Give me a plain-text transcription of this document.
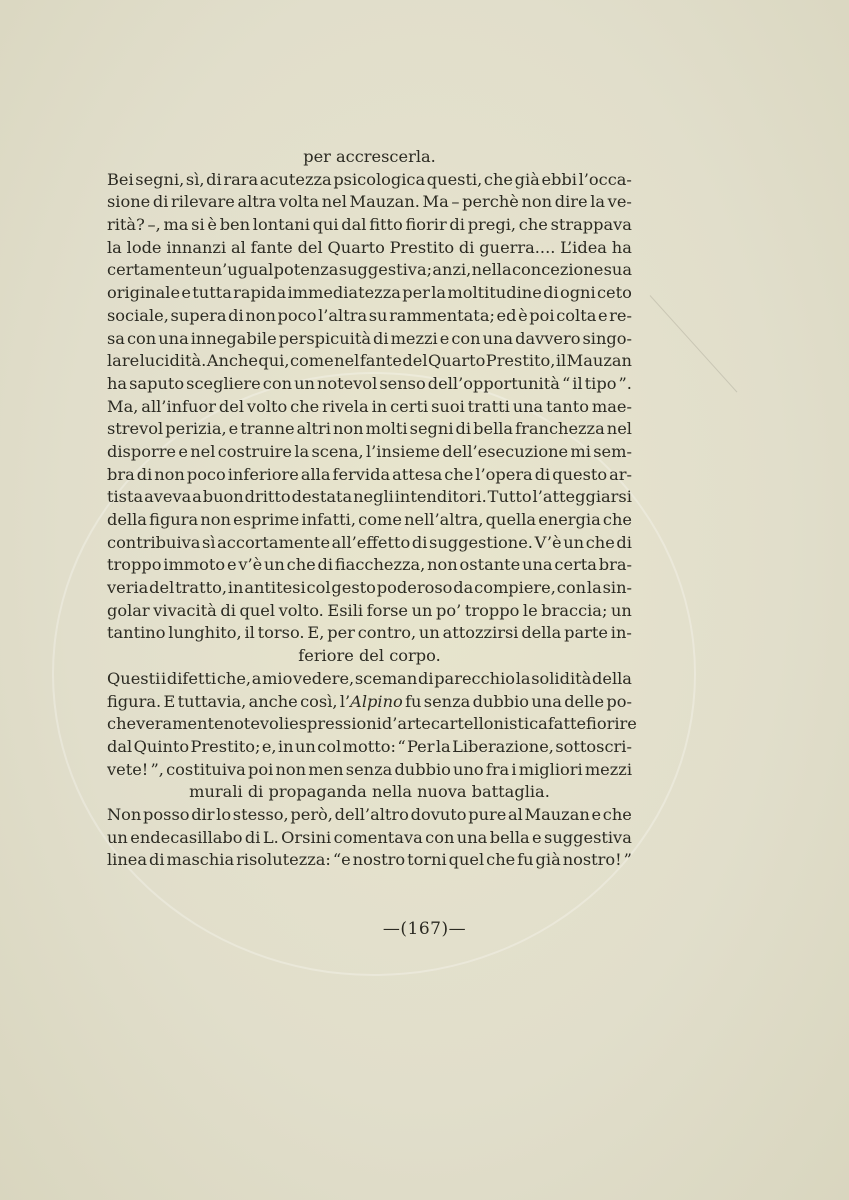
per accrescerla.
Bei segni, sì, di rara acutezza psicologica questi, che già ebbi l’occa-
sione di rilevare altra volta nel Mauzan. Ma – perchè non dire la ve-
rità? –, ma si è ben lontani qui dal fitto fiorir di pregi, che strappava
la lode innanzi al fante del Quarto Prestito di guerra.... L’idea ha
certamente un’ugual potenza suggestiva; anzi, nella concezione sua
originale e tutta rapida immediatezza per la moltitudine di ogni ceto
sociale, supera di non poco l’altra su rammentata; ed è poi colta e re-
sa con una innegabile perspicuità di mezzi e con una davvero singo-
lare lucidità. Anche qui, come nel fante del Quarto Prestito, il Mauzan
ha saputo scegliere con un notevol senso dell’opportunità “ il tipo ”.
Ma, all’infuor del volto che rivela in certi suoi tratti una tanto mae-
strevol perizia, e tranne altri non molti segni di bella franchezza nel
disporre e nel costruire la scena, l’insieme dell’esecuzione mi sem-
bra di non poco inferiore alla fervida attesa che l’opera di questo ar-
tista aveva a buon dritto destata negli intenditori. Tutto l’atteggiarsi
della figura non esprime infatti, come nell’altra, quella energia che
contribuiva sì accortamente all’effetto di suggestione. V’è un che di
troppo immoto e v’è un che di fiacchezza, non ostante una certa bra-
veria del tratto, in antitesi col gesto poderoso da compiere, con la sin-
golar vivacità di quel volto. Esili forse un po’ troppo le braccia; un
tantino lunghito, il torso. E, per contro, un attozzirsi della parte in-
feriore del corpo.
Questi i difetti che, a mio vedere, sceman di parecchio la solidità della
figura. E tuttavia, anche così, l’Alpino fu senza dubbio una delle po-
che veramente notevoli espressioni d’arte cartellonistica fatte fiorire
dal Quinto Prestito; e, in un col motto: “ Per la Liberazione, sottoscri-
vete! ”, costituiva poi non men senza dubbio uno fra i migliori mezzi
murali di propaganda nella nuova battaglia.
Non posso dir lo stesso, però, dell’altro dovuto pure al Mauzan e che
un endecasillabo di L. Orsini comentava con una bella e suggestiva
linea di maschia risolutezza: “e nostro torni quel che fu già nostro! ”
—(167)—
